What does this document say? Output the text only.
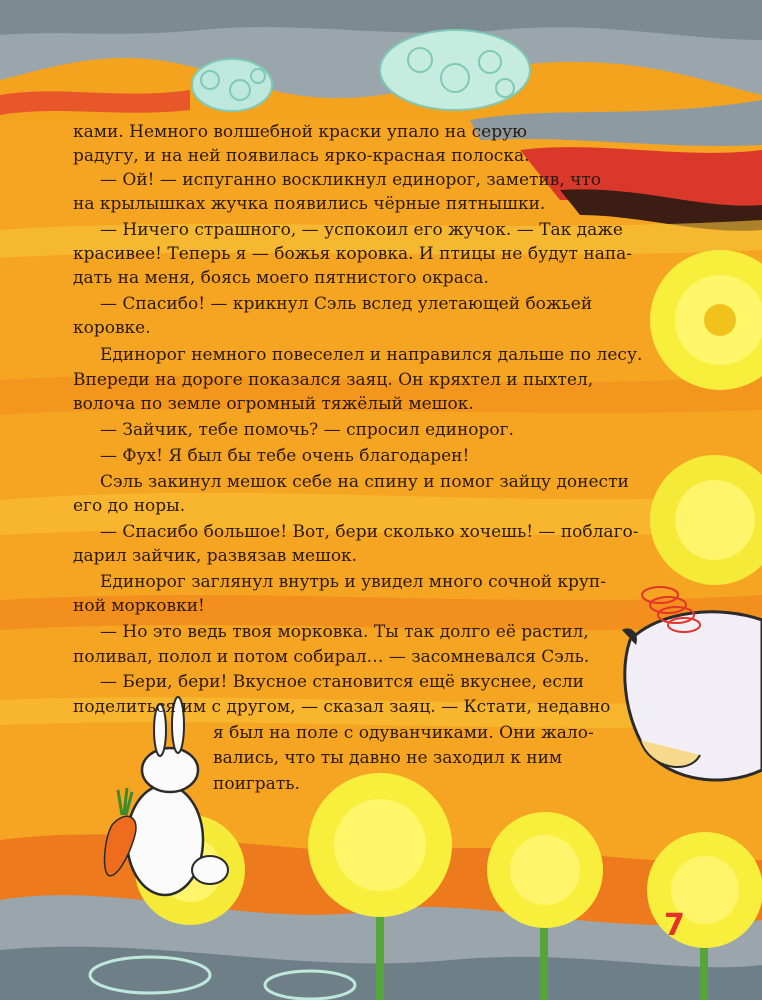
ками. Немного волшебной краски упало на серую
радугу, и на ней появилась ярко-красная полоска.
— Ой! — испуганно воскликнул единорог, заметив, что
на крылышках жучка появились чёрные пятнышки.
— Ничего страшного, — успокоил его жучок. — Так даже
красивее! Теперь я — божья коровка. И птицы не будут напа-
дать на меня, боясь моего пятнистого окраса.
— Спасибо! — крикнул Сэль вслед улетающей божьей
коровке.
Единорог немного повеселел и направился дальше по лесу.
Впереди на дороге показался заяц. Он кряхтел и пыхтел,
волоча по земле огромный тяжёлый мешок.
— Зайчик, тебе помочь? — спросил единорог.
— Фух! Я был бы тебе очень благодарен!
Сэль закинул мешок себе на спину и помог зайцу донести
его до норы.
— Спасибо большое! Вот, бери сколько хочешь! — поблаго-
дарил зайчик, развязав мешок.
Единорог заглянул внутрь и увидел много сочной круп-
ной морковки!
— Но это ведь твоя морковка. Ты так долго её растил,
поливал, полол и потом собирал… — засомневался Сэль.
— Бери, бери! Вкусное становится ещё вкуснее, если
поделиться им с другом, — сказал заяц. — Кстати, недавно
я был на поле с одуванчиками. Они жало-
вались, что ты давно не заходил к ним
поиграть.
7
